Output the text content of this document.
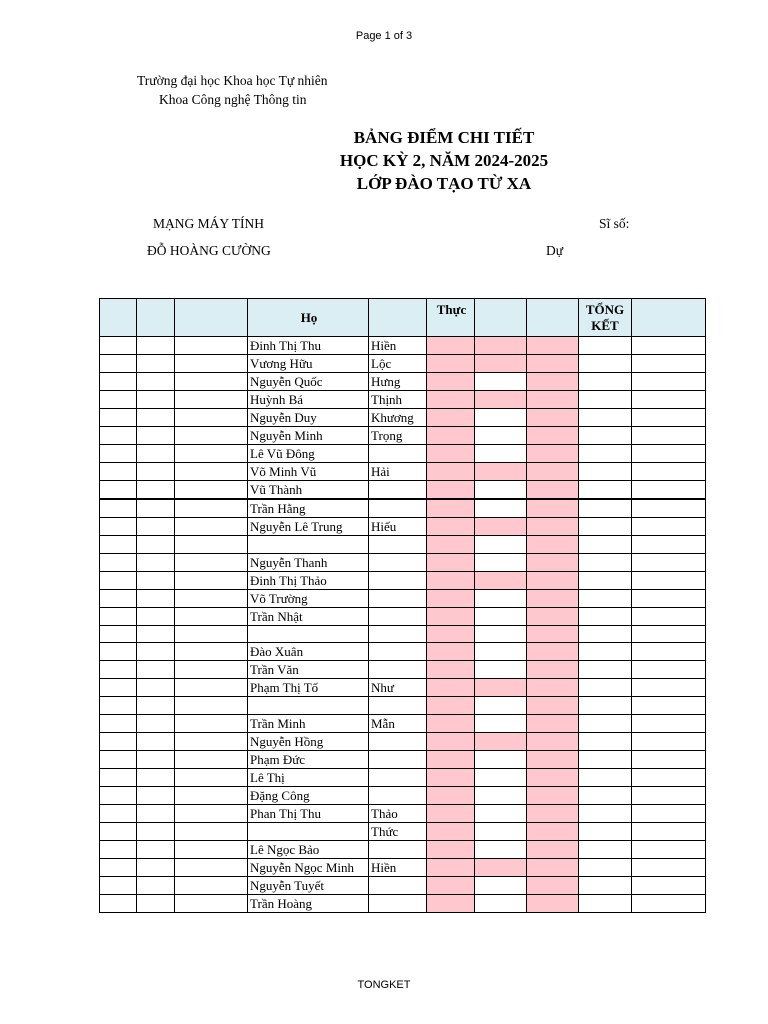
Page 1 of 3
Trường đại học Khoa học Tự nhiên
Khoa Công nghệ Thông tin
BẢNG ĐIỂM CHI TIẾT
HỌC KỲ 2, NĂM 2024-2025
LỚP ĐÀO TẠO TỪ XA
MẠNG MÁY TÍNH	Sĩ số:
ĐỖ HOÀNG CƯỜNG	Dự
			Họ		Thực			TỔNG KẾT	
			Đinh Thị Thu	Hiền					
			Vương Hữu	Lộc					
			Nguyễn Quốc	Hưng					
			Huỳnh Bá	Thịnh					
			Nguyễn Duy	Khương					
			Nguyễn Minh	Trọng					
			Lê Vũ Đông						
			Võ Minh Vũ	Hải					
			Vũ Thành						
			Trần Hằng						
			Nguyễn Lê Trung	Hiếu					

			Nguyễn Thanh						
			Đinh Thị Thảo						
			Võ Trường						
			Trần Nhật						

			Đào Xuân						
			Trần Văn						
			Phạm Thị Tố	Như					

			Trần Minh	Mẫn					
			Nguyễn Hồng						
			Phạm Đức						
			Lê Thị						
			Đặng Công						
			Phan Thị Thu	Thảo					
				Thức					
			Lê Ngọc Bảo						
			Nguyễn Ngọc Minh	Hiền					
			Nguyễn Tuyết						
			Trần Hoàng						
TONGKET
